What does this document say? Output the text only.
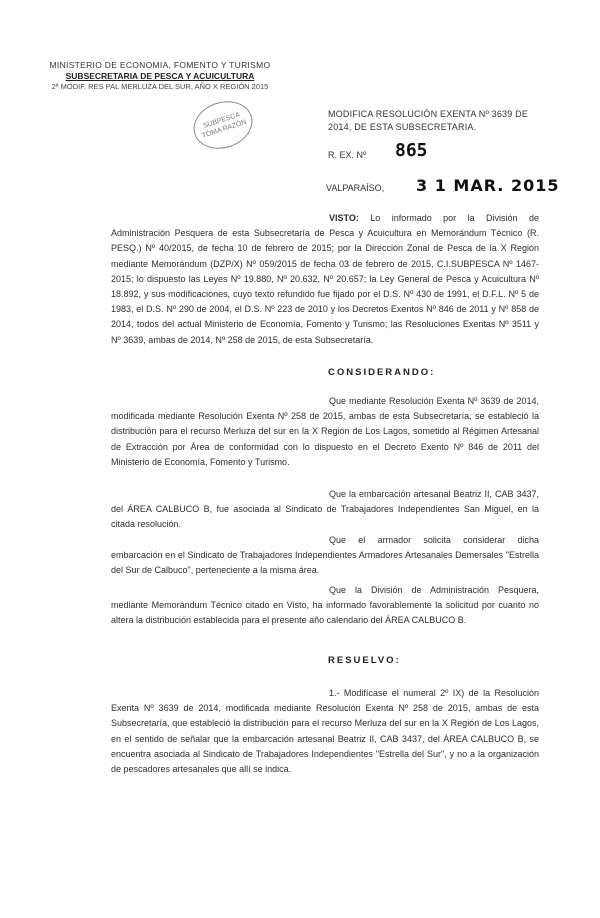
MINISTERIO DE ECONOMIA, FOMENTO Y TURISMO
SUBSECRETARIA DE PESCA Y ACUICULTURA
2ª MODIF. RES PAL MERLUZA DEL SUR, AÑO X REGIÓN 2015
SUBPESCA TOMA RAZÓN
MODIFICA RESOLUCIÓN EXENTA Nº 3639 DE 2014, DE ESTA SUBSECRETARIA.
R. EX. Nº 865
VALPARAÍSO, 3 1 MAR. 2015
VISTO: Lo informado por la División de Administración Pesquera de esta Subsecretaría de Pesca y Acuicultura en Memorándum Técnico (R. PESQ.) Nº 40/2015, de fecha 10 de febrero de 2015; por la Dirección Zonal de Pesca de la X Región mediante Memorándum (DZP/X) Nº 059/2015 de fecha 03 de febrero de 2015, C.I.SUBPESCA Nº 1467-2015; lo dispuesto las Leyes Nº 19.880, Nº 20.632, Nº 20.657; la Ley General de Pesca y Acuicultura Nº 18.892, y sus modificaciones, cuyo texto refundido fue fijado por el D.S. Nº 430 de 1991, el D.F.L. Nº 5 de 1983, el D.S. Nº 290 de 2004, el D.S. Nº 223 de 2010 y los Decretos Exentos Nº 846 de 2011 y Nº 858 de 2014, todos del actual Ministerio de Economía, Fomento y Turismo; las Resoluciones Exentas Nº 3511 y Nº 3639, ambas de 2014, Nº 258 de 2015, de esta Subsecretaría.
CONSIDERANDO:
Que mediante Resolución Exenta Nº 3639 de 2014, modificada mediante Resolución Exenta Nº 258 de 2015, ambas de esta Subsecretaría, se estableció la distribución para el recurso Merluza del sur en la X Región de Los Lagos, sometido al Régimen Artesanal de Extracción por Área de conformidad con lo dispuesto en el Decreto Exento Nº 846 de 2011 del Ministerio de Economía, Fomento y Turismo.
Que la embarcación artesanal Beatriz II, CAB 3437, del ÁREA CALBUCO B, fue asociada al Sindicato de Trabajadores Independientes San Miguel, en la citada resolución.
Que el armador solicita considerar dicha embarcación en el Sindicato de Trabajadores Independientes Armadores Artesanales Demersales "Estrella del Sur de Calbuco", perteneciente a la misma área.
Que la División de Administración Pesquera, mediante Memorándum Técnico citado en Visto, ha informado favorablemente la solicitud por cuanto no altera la distribución establecida para el presente año calendario del ÁREA CALBUCO B.
RESUELVO:
1.- Modifícase el numeral 2º IX) de la Resolución Exenta Nº 3639 de 2014, modificada mediante Resolución Exenta Nº 258 de 2015, ambas de esta Subsecretaría, que estableció la distribución para el recurso Merluza del sur en la X Región de Los Lagos, en el sentido de señalar que la embarcación artesanal Beatriz II, CAB 3437, del ÁREA CALBUCO B, se encuentra asociada al Sindicato de Trabajadores Independientes "Estrella del Sur", y no a la organización de pescadores artesanales que allí se indica.
